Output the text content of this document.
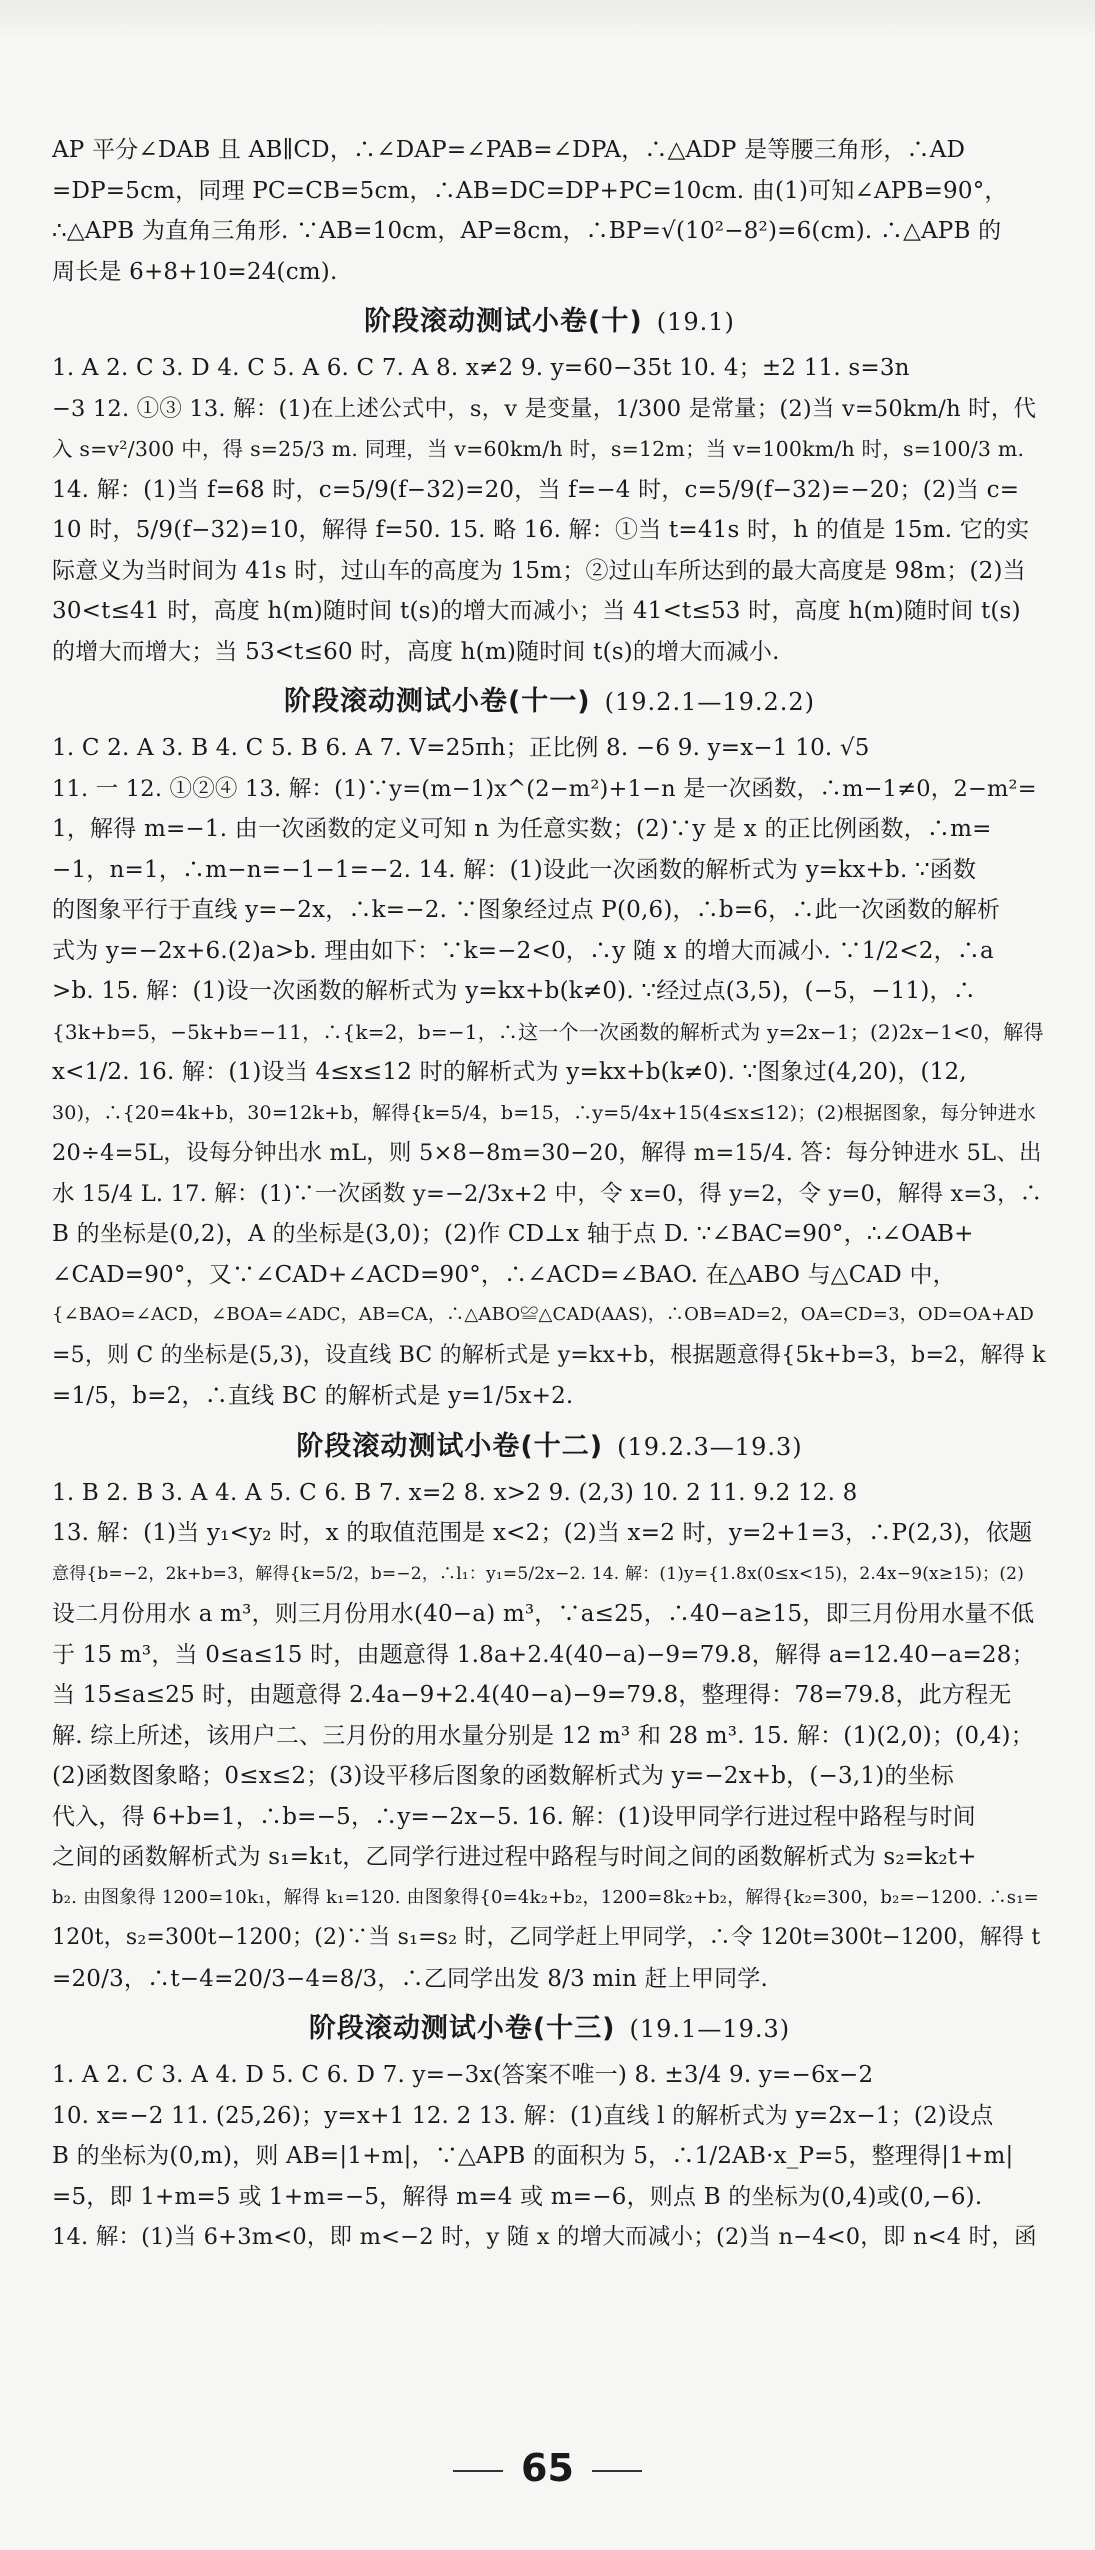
AP 平分∠DAB 且 AB∥CD，∴∠DAP=∠PAB=∠DPA，∴△ADP 是等腰三角形，∴AD
=DP=5cm，同理 PC=CB=5cm，∴AB=DC=DP+PC=10cm. 由(1)可知∠APB=90°，
∴△APB 为直角三角形. ∵AB=10cm，AP=8cm，∴BP=√(10²−8²)=6(cm). ∴△APB 的
周长是 6+8+10=24(cm).

阶段滚动测试小卷(十) (19.1)

1. A 2. C 3. D 4. C 5. A 6. C 7. A 8. x≠2 9. y=60−35t 10. 4；±2 11. s=3n
−3 12. ①③ 13. 解：(1)在上述公式中，s，v 是变量，1/300 是常量；(2)当 v=50km/h 时，代
入 s=v²/300 中，得 s=25/3 m. 同理，当 v=60km/h 时，s=12m；当 v=100km/h 时，s=100/3 m.
14. 解：(1)当 f=68 时，c=5/9(f−32)=20，当 f=−4 时，c=5/9(f−32)=−20；(2)当 c=
10 时，5/9(f−32)=10，解得 f=50. 15. 略 16. 解：①当 t=41s 时，h 的值是 15m. 它的实
际意义为当时间为 41s 时，过山车的高度为 15m；②过山车所达到的最大高度是 98m；(2)当
30<t≤41 时，高度 h(m)随时间 t(s)的增大而减小；当 41<t≤53 时，高度 h(m)随时间 t(s)
的增大而增大；当 53<t≤60 时，高度 h(m)随时间 t(s)的增大而减小.

阶段滚动测试小卷(十一) (19.2.1—19.2.2)

1. C 2. A 3. B 4. C 5. B 6. A 7. V=25πh；正比例 8. −6 9. y=x−1 10. √5
11. 一 12. ①②④ 13. 解：(1)∵y=(m−1)x^(2−m²)+1−n 是一次函数，∴m−1≠0，2−m²=
1，解得 m=−1. 由一次函数的定义可知 n 为任意实数；(2)∵y 是 x 的正比例函数，∴m=
−1，n=1，∴m−n=−1−1=−2. 14. 解：(1)设此一次函数的解析式为 y=kx+b. ∵函数
的图象平行于直线 y=−2x，∴k=−2. ∵图象经过点 P(0,6)，∴b=6，∴此一次函数的解析
式为 y=−2x+6.(2)a>b. 理由如下：∵k=−2<0，∴y 随 x 的增大而减小. ∵1/2<2，∴a
>b. 15. 解：(1)设一次函数的解析式为 y=kx+b(k≠0). ∵经过点(3,5)，(−5，−11)，∴
{3k+b=5，−5k+b=−11，∴{k=2，b=−1，∴这一个一次函数的解析式为 y=2x−1；(2)2x−1<0，解得
x<1/2. 16. 解：(1)设当 4≤x≤12 时的解析式为 y=kx+b(k≠0). ∵图象过(4,20)，(12,
30)，∴{20=4k+b，30=12k+b，解得{k=5/4，b=15，∴y=5/4x+15(4≤x≤12)；(2)根据图象，每分钟进水
20÷4=5L，设每分钟出水 mL，则 5×8−8m=30−20，解得 m=15/4. 答：每分钟进水 5L、出
水 15/4 L. 17. 解：(1)∵一次函数 y=−2/3x+2 中，令 x=0，得 y=2，令 y=0，解得 x=3，∴
B 的坐标是(0,2)，A 的坐标是(3,0)；(2)作 CD⊥x 轴于点 D. ∵∠BAC=90°，∴∠OAB+
∠CAD=90°，又∵∠CAD+∠ACD=90°，∴∠ACD=∠BAO. 在△ABO 与△CAD 中，
{∠BAO=∠ACD，∠BOA=∠ADC，AB=CA，∴△ABO≌△CAD(AAS)，∴OB=AD=2，OA=CD=3，OD=OA+AD
=5，则 C 的坐标是(5,3)，设直线 BC 的解析式是 y=kx+b，根据题意得{5k+b=3，b=2，解得 k
=1/5，b=2，∴直线 BC 的解析式是 y=1/5x+2.

阶段滚动测试小卷(十二) (19.2.3—19.3)

1. B 2. B 3. A 4. A 5. C 6. B 7. x=2 8. x>2 9. (2,3) 10. 2 11. 9.2 12. 8
13. 解：(1)当 y₁<y₂ 时，x 的取值范围是 x<2；(2)当 x=2 时，y=2+1=3，∴P(2,3)，依题
意得{b=−2，2k+b=3，解得{k=5/2，b=−2，∴l₁：y₁=5/2x−2. 14. 解：(1)y={1.8x(0≤x<15)，2.4x−9(x≥15)；(2)
设二月份用水 a m³，则三月份用水(40−a) m³，∵a≤25，∴40−a≥15，即三月份用水量不低
于 15 m³，当 0≤a≤15 时，由题意得 1.8a+2.4(40−a)−9=79.8，解得 a=12.40−a=28；
当 15≤a≤25 时，由题意得 2.4a−9+2.4(40−a)−9=79.8，整理得：78=79.8，此方程无
解. 综上所述，该用户二、三月份的用水量分别是 12 m³ 和 28 m³. 15. 解：(1)(2,0)；(0,4)；
(2)函数图象略；0≤x≤2；(3)设平移后图象的函数解析式为 y=−2x+b，(−3,1)的坐标
代入，得 6+b=1，∴b=−5，∴y=−2x−5. 16. 解：(1)设甲同学行进过程中路程与时间
之间的函数解析式为 s₁=k₁t，乙同学行进过程中路程与时间之间的函数解析式为 s₂=k₂t+
b₂. 由图象得 1200=10k₁，解得 k₁=120. 由图象得{0=4k₂+b₂，1200=8k₂+b₂，解得{k₂=300，b₂=−1200. ∴s₁=
120t，s₂=300t−1200；(2)∵当 s₁=s₂ 时，乙同学赶上甲同学，∴令 120t=300t−1200，解得 t
=20/3，∴t−4=20/3−4=8/3，∴乙同学出发 8/3 min 赶上甲同学.

阶段滚动测试小卷(十三) (19.1—19.3)

1. A 2. C 3. A 4. D 5. C 6. D 7. y=−3x(答案不唯一) 8. ±3/4 9. y=−6x−2
10. x=−2 11. (25,26)；y=x+1 12. 2 13. 解：(1)直线 l 的解析式为 y=2x−1；(2)设点
B 的坐标为(0,m)，则 AB=|1+m|，∵△APB 的面积为 5，∴1/2AB·x_P=5，整理得|1+m|
=5，即 1+m=5 或 1+m=−5，解得 m=4 或 m=−6，则点 B 的坐标为(0,4)或(0,−6).
14. 解：(1)当 6+3m<0，即 m<−2 时，y 随 x 的增大而减小；(2)当 n−4<0，即 n<4 时，函

65
